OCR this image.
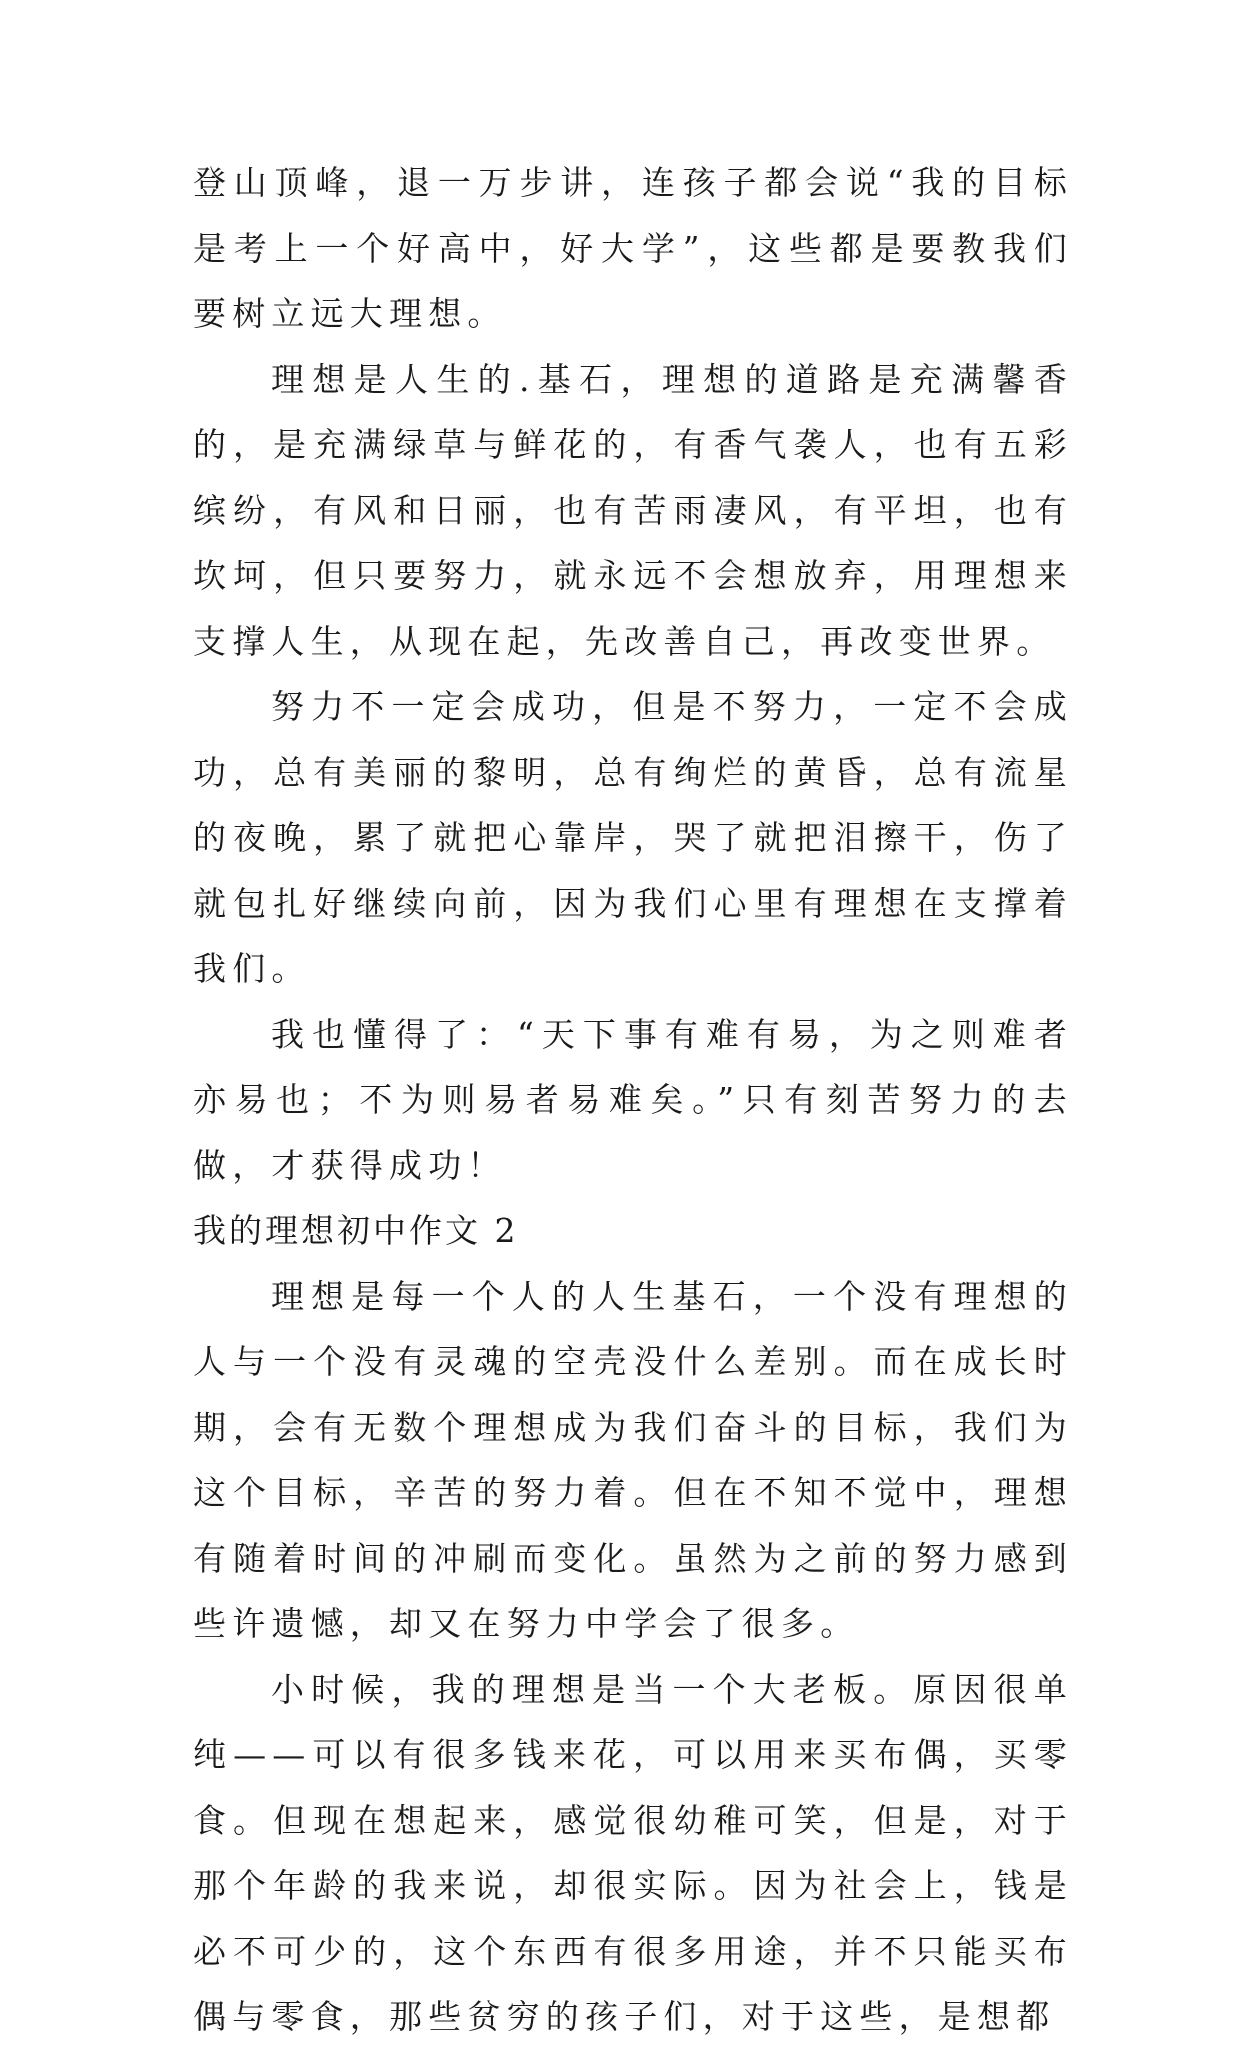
登山顶峰，退一万步讲，连孩子都会说“我的目标是考上一个好高中，好大学”，这些都是要教我们要树立远大理想。

理想是人生的.基石，理想的道路是充满馨香的，是充满绿草与鲜花的，有香气袭人，也有五彩缤纷，有风和日丽，也有苦雨凄风，有平坦，也有坎坷，但只要努力，就永远不会想放弃，用理想来支撑人生，从现在起，先改善自己，再改变世界。

努力不一定会成功，但是不努力，一定不会成功，总有美丽的黎明，总有绚烂的黄昏，总有流星的夜晚，累了就把心靠岸，哭了就把泪擦干，伤了就包扎好继续向前，因为我们心里有理想在支撑着我们。

我也懂得了：“天下事有难有易，为之则难者亦易也；不为则易者易难矣。”只有刻苦努力的去做，才获得成功！

我的理想初中作文 2

理想是每一个人的人生基石，一个没有理想的人与一个没有灵魂的空壳没什么差别。而在成长时期，会有无数个理想成为我们奋斗的目标，我们为这个目标，辛苦的努力着。但在不知不觉中，理想有随着时间的冲刷而变化。虽然为之前的努力感到些许遗憾，却又在努力中学会了很多。

小时候，我的理想是当一个大老板。原因很单纯——可以有很多钱来花，可以用来买布偶，买零食。但现在想起来，感觉很幼稚可笑，但是，对于那个年龄的我来说，却很实际。因为社会上，钱是必不可少的，这个东西有很多用途，并不只能买布偶与零食，那些贫穷的孩子们，对于这些，是想都
